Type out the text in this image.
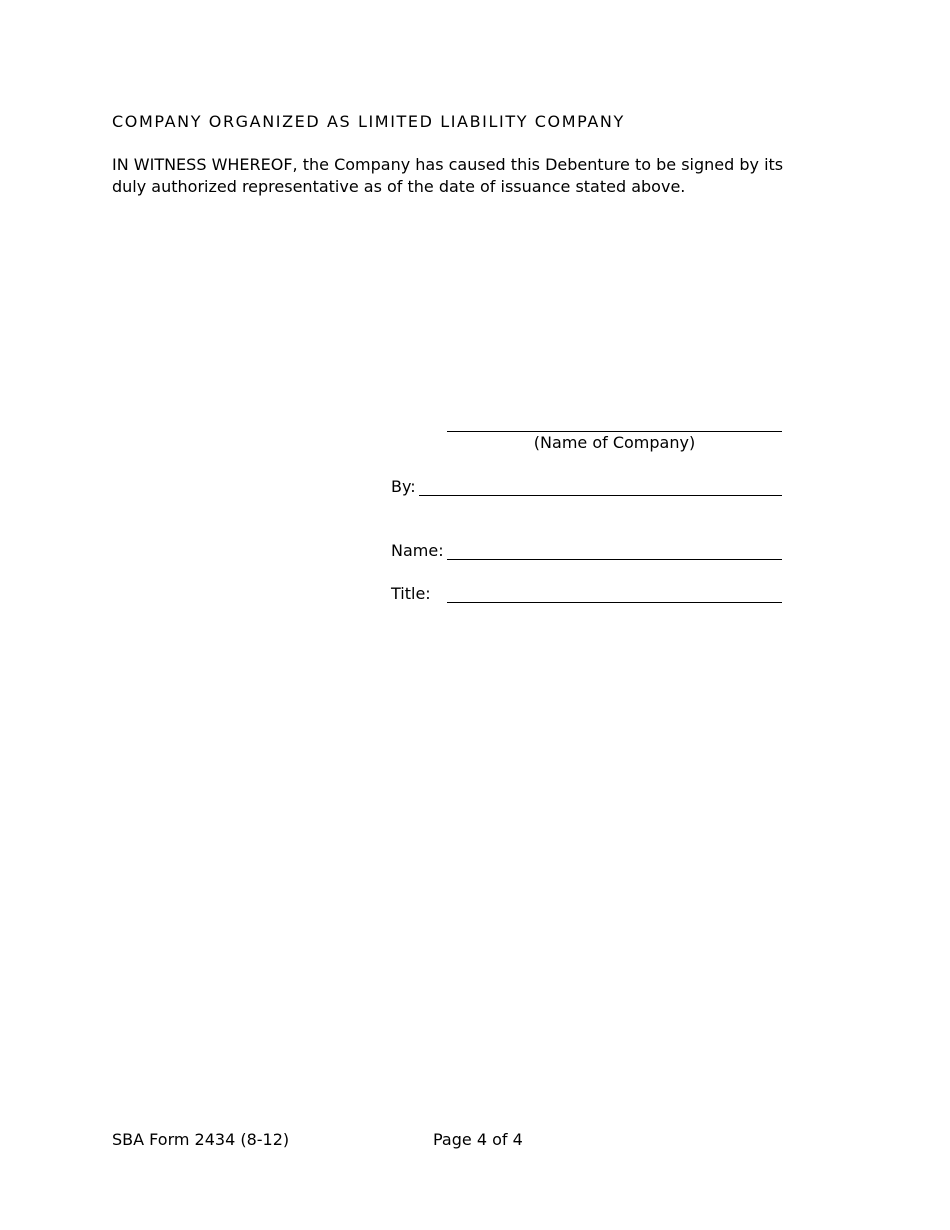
COMPANY ORGANIZED AS LIMITED LIABILITY COMPANY
IN WITNESS WHEREOF, the Company has caused this Debenture to be signed by its duly authorized representative as of the date of issuance stated above.
(Name of Company)
By:
Name:
Title:
SBA Form 2434 (8-12)	Page 4 of 4
